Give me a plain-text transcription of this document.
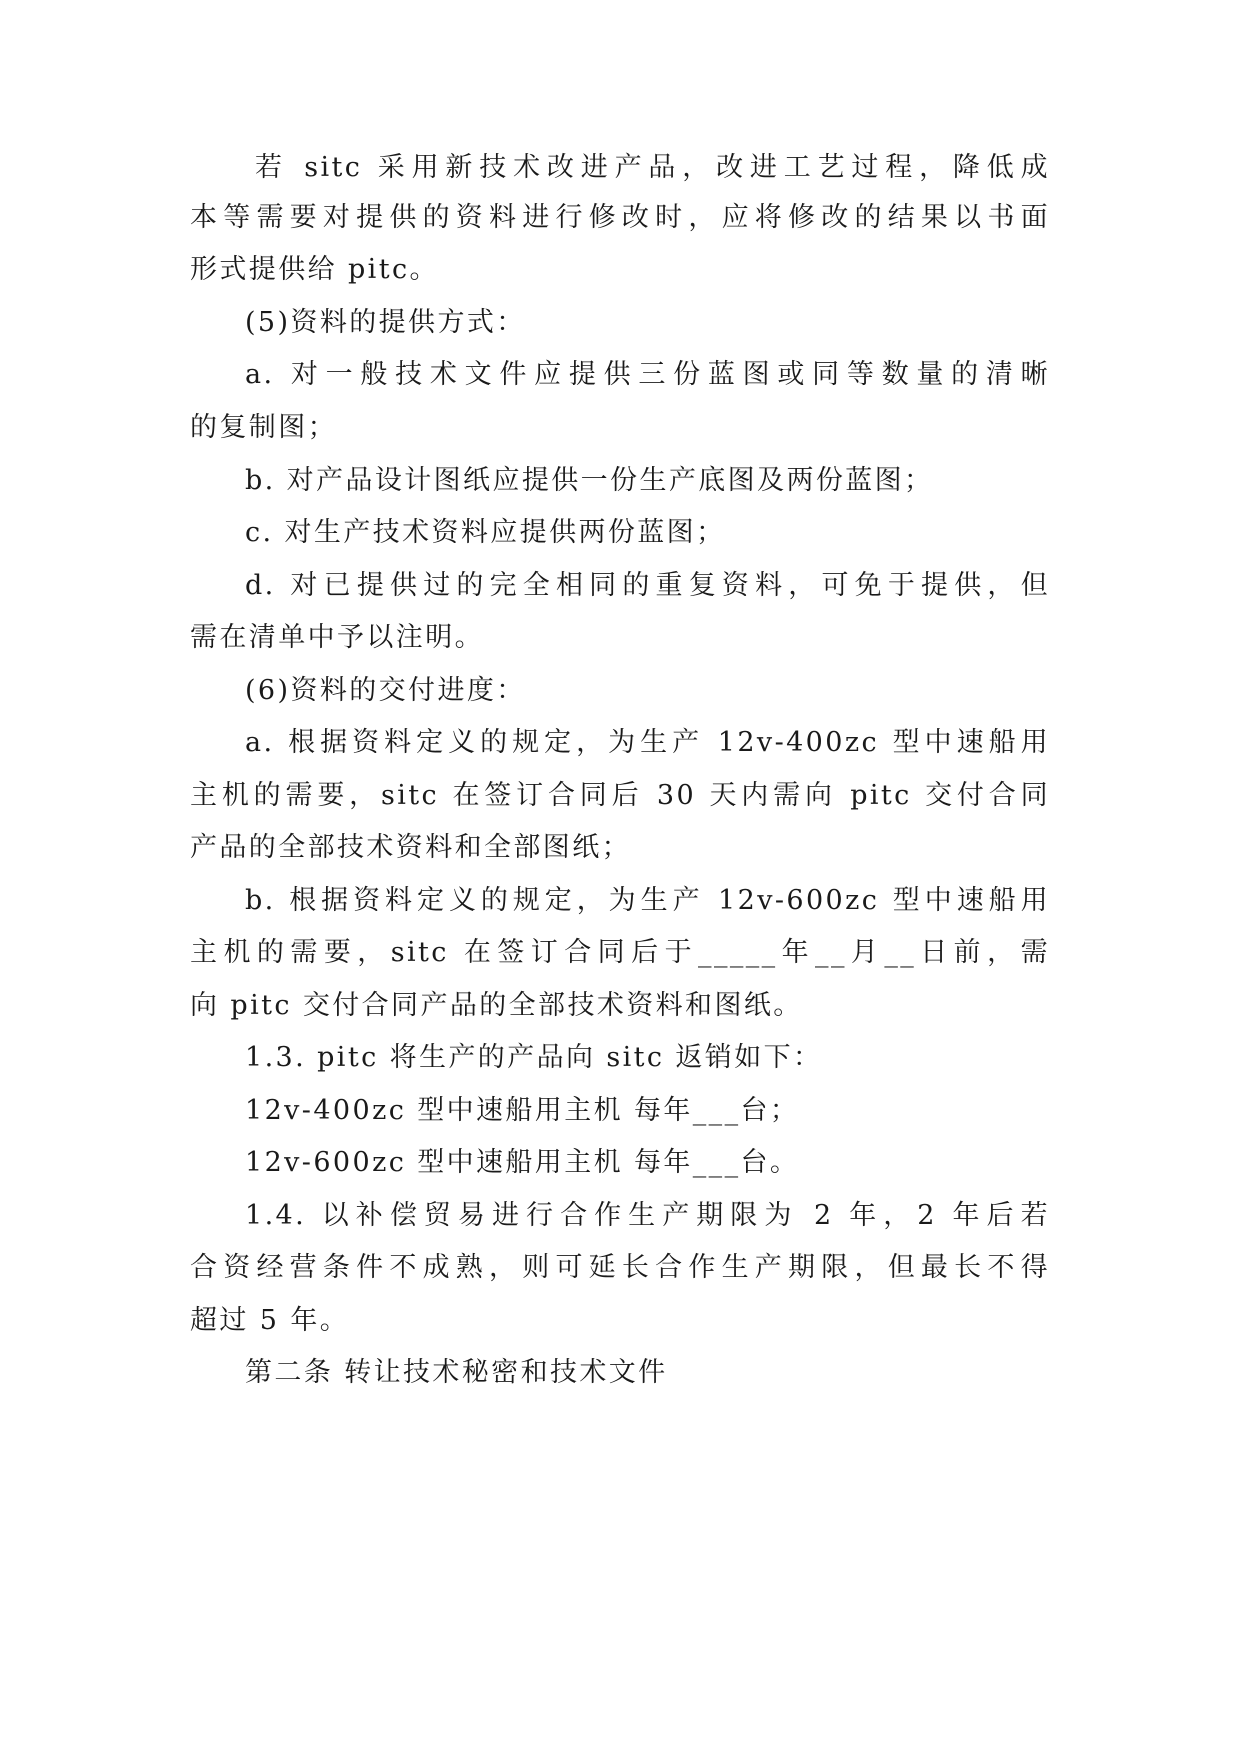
若 sitc 采用新技术改进产品，改进工艺过程，降低成
本等需要对提供的资料进行修改时，应将修改的结果以书面
形式提供给 pitc。
(5)资料的提供方式：
a. 对一般技术文件应提供三份蓝图或同等数量的清晰
的复制图；
b. 对产品设计图纸应提供一份生产底图及两份蓝图；
c. 对生产技术资料应提供两份蓝图；
d. 对已提供过的完全相同的重复资料，可免于提供，但
需在清单中予以注明。
(6)资料的交付进度：
a. 根据资料定义的规定，为生产 12v-400zc 型中速船用
主机的需要，sitc 在签订合同后 30 天内需向 pitc 交付合同
产品的全部技术资料和全部图纸；
b. 根据资料定义的规定，为生产 12v-600zc 型中速船用
主机的需要，sitc 在签订合同后于_____年__月__日前，需
向 pitc 交付合同产品的全部技术资料和图纸。
1.3. pitc 将生产的产品向 sitc 返销如下：
12v-400zc 型中速船用主机 每年___台；
12v-600zc 型中速船用主机 每年___台。
1.4. 以补偿贸易进行合作生产期限为 2 年，2 年后若
合资经营条件不成熟，则可延长合作生产期限，但最长不得
超过 5 年。
第二条 转让技术秘密和技术文件
